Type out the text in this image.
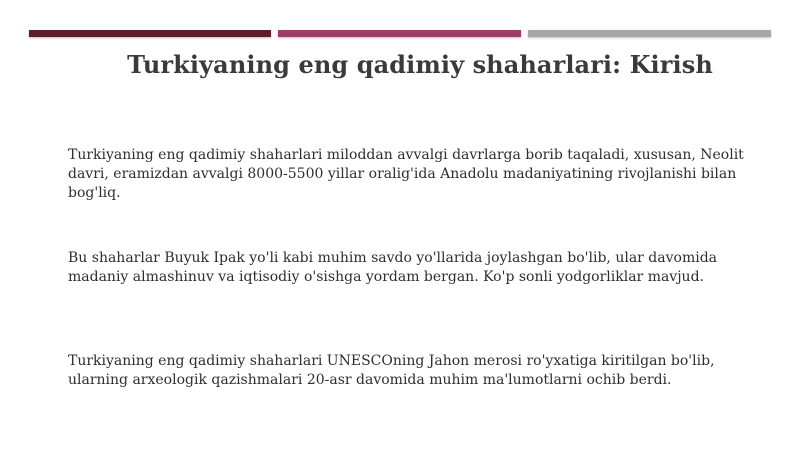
Turkiyaning eng qadimiy shaharlari: Kirish
Turkiyaning eng qadimiy shaharlari miloddan avvalgi davrlarga borib taqaladi, xususan, Neolit davri, eramizdan avvalgi 8000-5500 yillar oralig'ida Anadolu madaniyatining rivojlanishi bilan bog'liq.
Bu shaharlar Buyuk Ipak yo'li kabi muhim savdo yo'llarida joylashgan bo'lib, ular davomida madaniy almashinuv va iqtisodiy o'sishga yordam bergan. Ko'p sonli yodgorliklar mavjud.
Turkiyaning eng qadimiy shaharlari UNESCOning Jahon merosi ro'yxatiga kiritilgan bo'lib, ularning arxeologik qazishmalari 20-asr davomida muhim ma'lumotlarni ochib berdi.
